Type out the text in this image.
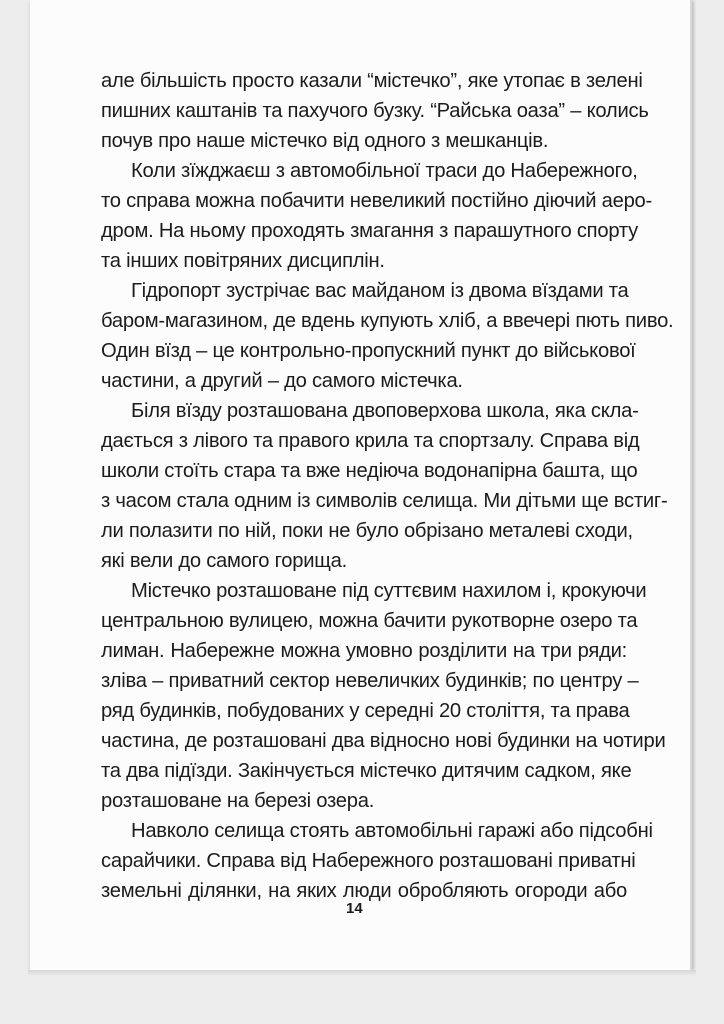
але більшість просто казали “містечко”, яке утопає в зелені
пишних каштанів та пахучого бузку. “Райська оаза” – колись
почув про наше містечко від одного з мешканців.
Коли зїжджаєш з автомобільної траси до Набережного,
то справа можна побачити невеликий постійно діючий аеро-
дром. На ньому проходять змагання з парашутного спорту
та інших повітряних дисциплін.
Гідропорт зустрічає вас майданом із двома вїздами та
баром-магазином, де вдень купують хліб, а ввечері пють пиво.
Один вїзд – це контрольно-пропускний пункт до військової
частини, а другий – до самого містечка.
Біля вїзду розташована двоповерхова школа, яка скла-
дається з лівого та правого крила та спортзалу. Справа від
школи стоїть стара та вже недіюча водонапірна башта, що
з часом стала одним із символів селища. Ми дітьми ще встиг-
ли полазити по ній, поки не було обрізано металеві сходи,
які вели до самого горища.
Містечко розташоване під суттєвим нахилом і, крокуючи
центральною вулицею, можна бачити рукотворне озеро та
лиман. Набережне можна умовно розділити на три ряди:
зліва – приватний сектор невеличких будинків; по центру –
ряд будинків, побудованих у середні 20 століття, та права
частина, де розташовані два відносно нові будинки на чотири
та два підїзди. Закінчується містечко дитячим садком, яке
розташоване на березі озера.
Навколо селища стоять автомобільні гаражі або підсобні
сарайчики. Справа від Набережного розташовані приватні
земельні ділянки, на яких люди обробляють огороди або
14
